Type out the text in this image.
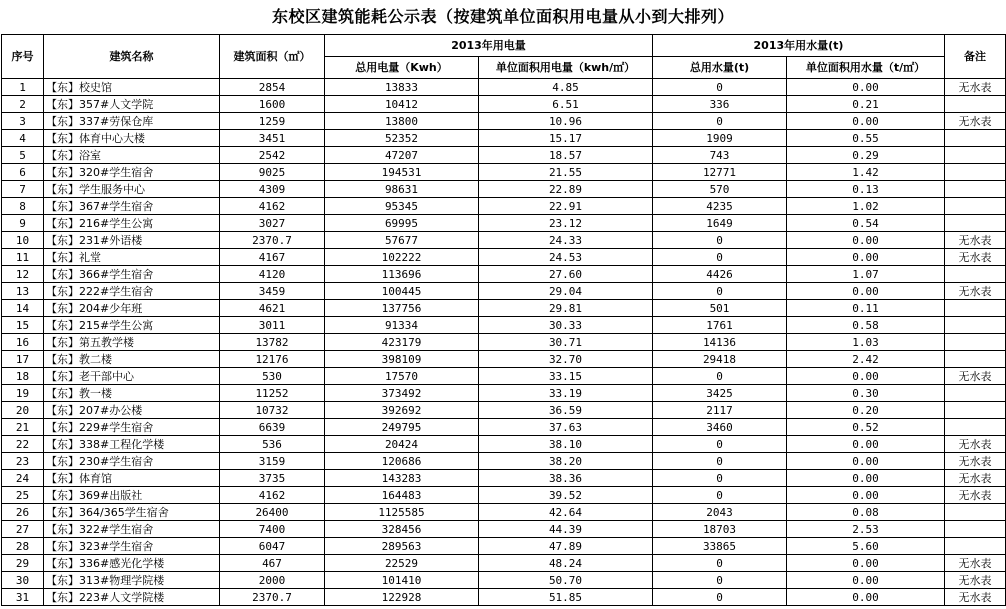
东校区建筑能耗公示表（按建筑单位面积用电量从小到大排列）
序号	建筑名称	建筑面积（㎡）	2013年用电量		2013年用水量(t)		备注
			总用电量（Kwh）	单位面积用电量（kwh/㎡）	总用水量(t)	单位面积用水量（t/㎡）	
1	【东】校史馆	2854	13833	4.85	0	0.00	无水表
2	【东】357#人文学院	1600	10412	6.51	336	0.21	
3	【东】337#劳保仓库	1259	13800	10.96	0	0.00	无水表
4	【东】体育中心大楼	3451	52352	15.17	1909	0.55	
5	【东】浴室	2542	47207	18.57	743	0.29	
6	【东】320#学生宿舍	9025	194531	21.55	12771	1.42	
7	【东】学生服务中心	4309	98631	22.89	570	0.13	
8	【东】367#学生宿舍	4162	95345	22.91	4235	1.02	
9	【东】216#学生公寓	3027	69995	23.12	1649	0.54	
10	【东】231#外语楼	2370.7	57677	24.33	0	0.00	无水表
11	【东】礼堂	4167	102222	24.53	0	0.00	无水表
12	【东】366#学生宿舍	4120	113696	27.60	4426	1.07	
13	【东】222#学生宿舍	3459	100445	29.04	0	0.00	无水表
14	【东】204#少年班	4621	137756	29.81	501	0.11	
15	【东】215#学生公寓	3011	91334	30.33	1761	0.58	
16	【东】第五教学楼	13782	423179	30.71	14136	1.03	
17	【东】教二楼	12176	398109	32.70	29418	2.42	
18	【东】老干部中心	530	17570	33.15	0	0.00	无水表
19	【东】教一楼	11252	373492	33.19	3425	0.30	
20	【东】207#办公楼	10732	392692	36.59	2117	0.20	
21	【东】229#学生宿舍	6639	249795	37.63	3460	0.52	
22	【东】338#工程化学楼	536	20424	38.10	0	0.00	无水表
23	【东】230#学生宿舍	3159	120686	38.20	0	0.00	无水表
24	【东】体育馆	3735	143283	38.36	0	0.00	无水表
25	【东】369#出版社	4162	164483	39.52	0	0.00	无水表
26	【东】364/365学生宿舍	26400	1125585	42.64	2043	0.08	
27	【东】322#学生宿舍	7400	328456	44.39	18703	2.53	
28	【东】323#学生宿舍	6047	289563	47.89	33865	5.60	
29	【东】336#感光化学楼	467	22529	48.24	0	0.00	无水表
30	【东】313#物理学院楼	2000	101410	50.70	0	0.00	无水表
31	【东】223#人文学院楼	2370.7	122928	51.85	0	0.00	无水表
